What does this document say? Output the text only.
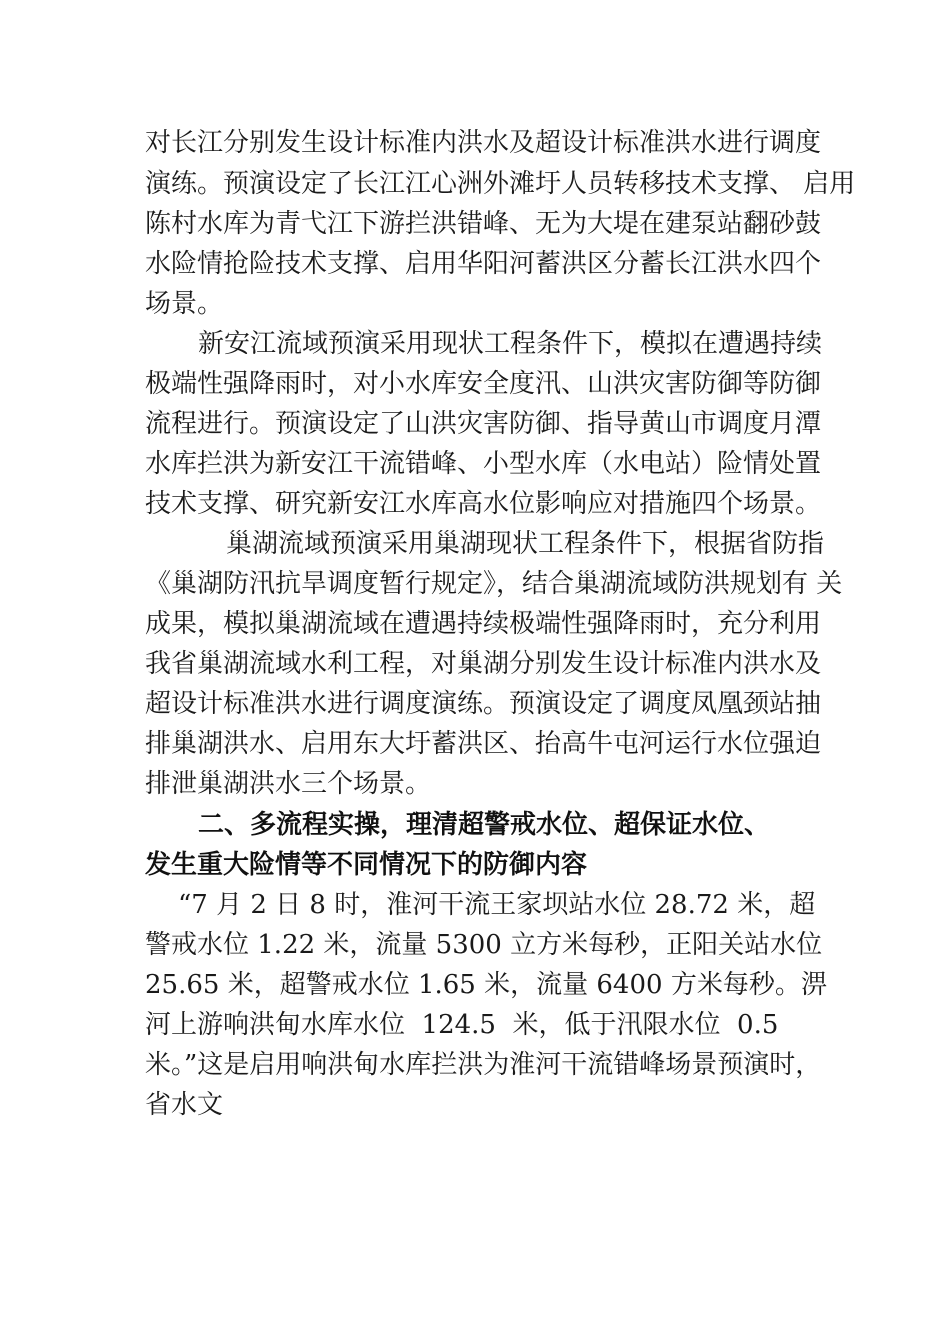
对长江分别发生设计标准内洪水及超设计标准洪水进行调度
演练。预演设定了长江江心洲外滩圩人员转移技术支撑、 启用
陈村水库为青弋江下游拦洪错峰、无为大堤在建泵站翻砂鼓
水险情抢险技术支撑、启用华阳河蓄洪区分蓄长江洪水四个
场景。
新安江流域预演采用现状工程条件下，模拟在遭遇持续
极端性强降雨时，对小水库安全度汛、山洪灾害防御等防御
流程进行。预演设定了山洪灾害防御、指导黄山市调度月潭
水库拦洪为新安江干流错峰、小型水库（水电站）险情处置
技术支撑、研究新安江水库高水位影响应对措施四个场景。
巢湖流域预演采用巢湖现状工程条件下，根据省防指
《巢湖防汛抗旱调度暂行规定》，结合巢湖流域防洪规划有 关
成果，模拟巢湖流域在遭遇持续极端性强降雨时，充分利用
我省巢湖流域水利工程，对巢湖分别发生设计标准内洪水及
超设计标准洪水进行调度演练。预演设定了调度凤凰颈站抽
排巢湖洪水、启用东大圩蓄洪区、抬高牛屯河运行水位强迫
排泄巢湖洪水三个场景。
二、多流程实操，理清超警戒水位、超保证水位、
发生重大险情等不同情况下的防御内容
“7 月 2 日 8 时，淮河干流王家坝站水位 28.72 米，超
警戒水位 1.22 米，流量 5300 立方米每秒，正阳关站水位
25.65 米，超警戒水位 1.65 米，流量 6400 方米每秒。淠
河上游响洪甸水库水位  124.5  米，低于汛限水位  0.5
米。”这是启用响洪甸水库拦洪为淮河干流错峰场景预演时，
省水文
